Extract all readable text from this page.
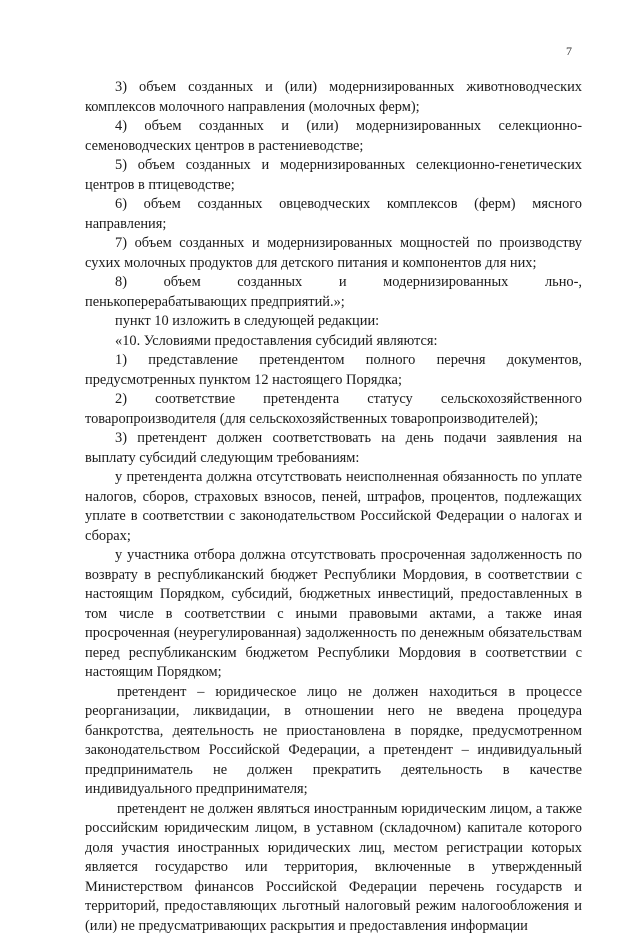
7

3) объем созданных и (или) модернизированных животноводческих комплексов молочного направления (молочных ферм);

4) объем созданных и (или) модернизированных селекционно-семеноводческих центров в растениеводстве;

5) объем созданных и модернизированных селекционно-генетических центров в птицеводстве;

6) объем созданных овцеводческих комплексов (ферм) мясного направления;

7) объем созданных и модернизированных мощностей по производству сухих молочных продуктов для детского питания и компонентов для них;

8) объем созданных и модернизированных льно-, пенькоперерабатывающих предприятий.»;

пункт 10 изложить в следующей редакции:

«10. Условиями предоставления субсидий являются:

1) представление претендентом полного перечня документов, предусмотренных пунктом 12 настоящего Порядка;

2) соответствие претендента статусу сельскохозяйственного товаропроизводителя (для сельскохозяйственных товаропроизводителей);

3) претендент должен соответствовать на день подачи заявления на выплату субсидий следующим требованиям:

у претендента должна отсутствовать неисполненная обязанность по уплате налогов, сборов, страховых взносов, пеней, штрафов, процентов, подлежащих уплате в соответствии с законодательством Российской Федерации о налогах и сборах;

у участника отбора должна отсутствовать просроченная задолженность по возврату в республиканский бюджет Республики Мордовия, в соответствии с настоящим Порядком, субсидий, бюджетных инвестиций, предоставленных в том числе в соответствии с иными правовыми актами, а также иная просроченная (неурегулированная) задолженность по денежным обязательствам перед республиканским бюджетом Республики Мордовия в соответствии с настоящим Порядком;

претендент – юридическое лицо не должен находиться в процессе реорганизации, ликвидации, в отношении него не введена процедура банкротства, деятельность не приостановлена в порядке, предусмотренном законодательством Российской Федерации, а претендент – индивидуальный предприниматель не должен прекратить деятельность в качестве индивидуального предпринимателя;

претендент не должен являться иностранным юридическим лицом, а также российским юридическим лицом, в уставном (складочном) капитале которого доля участия иностранных юридических лиц, местом регистрации которых является государство или территория, включенные в утвержденный Министерством финансов Российской Федерации перечень государств и территорий, предоставляющих льготный налоговый режим налогообложения и (или) не предусматривающих раскрытия и предоставления информации
